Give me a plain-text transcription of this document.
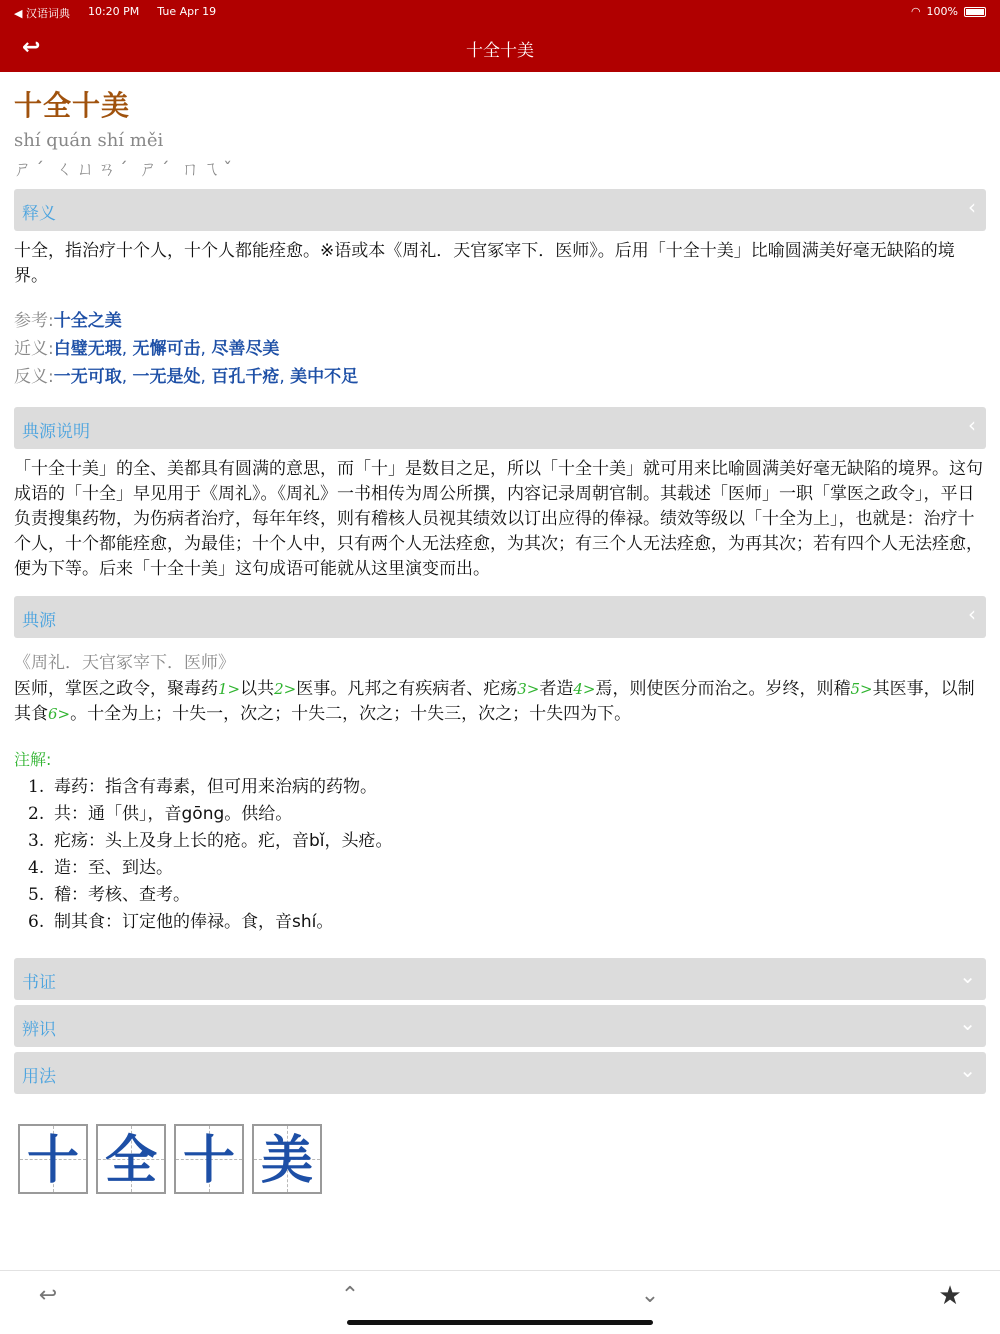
◀ 汉语词典 10:20 PM Tue Apr 19	◠ 100%
↩	十全十美
十全十美
shí quán shí měi
ㄕˊ ㄑㄩㄢˊ ㄕˊ ㄇㄟˇ
释义	‹
十全，指治疗十个人，十个人都能痊愈。※语或本《周礼．天官冢宰下．医师》。后用「十全十美」比喻圆满美好毫无缺陷的境界。
参考:十全之美
近义:白璧无瑕, 无懈可击, 尽善尽美
反义:一无可取, 一无是处, 百孔千疮, 美中不足
典源说明	‹
「十全十美」的全、美都具有圆满的意思，而「十」是数目之足，所以「十全十美」就可用来比喻圆满美好毫无缺陷的境界。这句成语的「十全」早见用于《周礼》。《周礼》一书相传为周公所撰，内容记录周朝官制。其载述「医师」一职「掌医之政令」，平日负责搜集药物，为伤病者治疗，每年年终，则有稽核人员视其绩效以订出应得的俸禄。绩效等级以「十全为上」，也就是：治疗十个人，十个都能痊愈，为最佳；十个人中，只有两个人无法痊愈，为其次；有三个人无法痊愈，为再其次；若有四个人无法痊愈，便为下等。后来「十全十美」这句成语可能就从这里演变而出。
典源	‹
《周礼．天官冢宰下．医师》
医师，掌医之政令，聚毒药1>以共2>医事。凡邦之有疾病者、疕疡3>者造4>焉，则使医分而治之。岁终，则稽5>其医事，以制其食6>。十全为上；十失一，次之；十失二，次之；十失三，次之；十失四为下。
注解:
1. 毒药：指含有毒素，但可用来治病的药物。
2. 共：通「供」，音gōng。供给。
3. 疕疡：头上及身上长的疮。疕，音bǐ，头疮。
4. 造：至、到达。
5. 稽：考核、查考。
6. 制其食：订定他的俸禄。食，音shí。
书证	⌄
辨识	⌄
用法	⌄
十 全 十 美
↩	⌃	⌄	★
